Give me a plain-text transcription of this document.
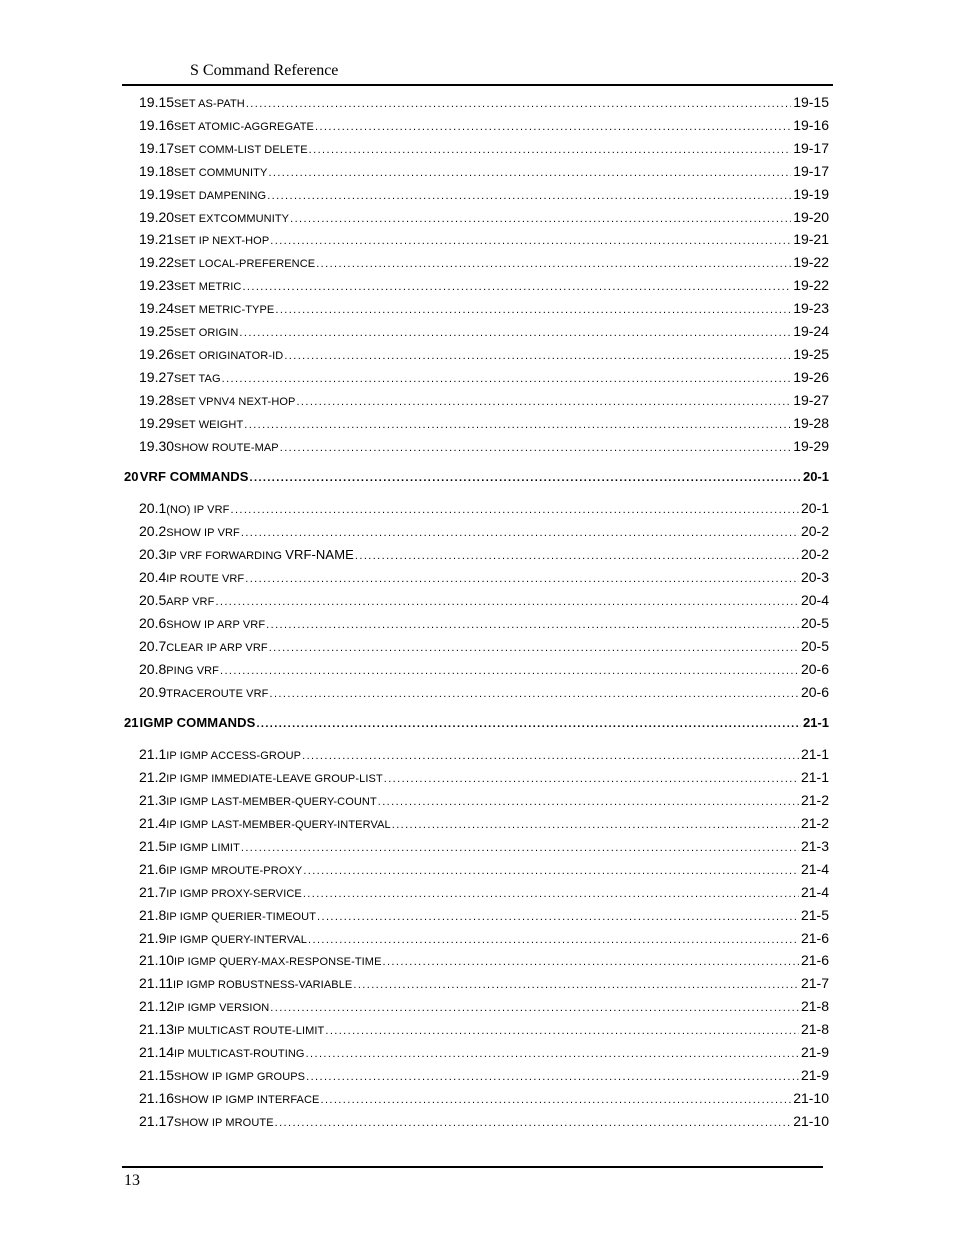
S Command Reference
19.15 SET AS-PATH .....	19-15
19.16 SET ATOMIC-AGGREGATE .....	19-16
19.17 SET COMM-LIST DELETE .....	19-17
19.18 SET COMMUNITY .....	19-17
19.19 SET DAMPENING .....	19-19
19.20 SET EXTCOMMUNITY .....	19-20
19.21 SET IP NEXT-HOP .....	19-21
19.22 SET LOCAL-PREFERENCE .....	19-22
19.23 SET METRIC .....	19-22
19.24 SET METRIC-TYPE .....	19-23
19.25 SET ORIGIN .....	19-24
19.26 SET ORIGINATOR-ID .....	19-25
19.27 SET TAG .....	19-26
19.28 SET VPNV4 NEXT-HOP .....	19-27
19.29 SET WEIGHT .....	19-28
19.30 SHOW ROUTE-MAP .....	19-29
20 VRF COMMANDS .....	20-1
20.1 (NO) IP VRF .....	20-1
20.2 SHOW IP VRF .....	20-2
20.3 IP VRF FORWARDING VRF-NAME .....	20-2
20.4 IP ROUTE VRF .....	20-3
20.5 ARP VRF .....	20-4
20.6 SHOW IP ARP VRF .....	20-5
20.7 CLEAR IP ARP VRF .....	20-5
20.8 PING VRF .....	20-6
20.9 TRACEROUTE VRF .....	20-6
21 IGMP COMMANDS .....	21-1
21.1 IP IGMP ACCESS-GROUP .....	21-1
21.2 IP IGMP IMMEDIATE-LEAVE GROUP-LIST .....	21-1
21.3 IP IGMP LAST-MEMBER-QUERY-COUNT .....	21-2
21.4 IP IGMP LAST-MEMBER-QUERY-INTERVAL .....	21-2
21.5 IP IGMP LIMIT .....	21-3
21.6 IP IGMP MROUTE-PROXY .....	21-4
21.7 IP IGMP PROXY-SERVICE .....	21-4
21.8 IP IGMP QUERIER-TIMEOUT .....	21-5
21.9 IP IGMP QUERY-INTERVAL .....	21-6
21.10 IP IGMP QUERY-MAX-RESPONSE-TIME .....	21-6
21.11 IP IGMP ROBUSTNESS-VARIABLE .....	21-7
21.12 IP IGMP VERSION .....	21-8
21.13 IP MULTICAST ROUTE-LIMIT .....	21-8
21.14 IP MULTICAST-ROUTING .....	21-9
21.15 SHOW IP IGMP GROUPS .....	21-9
21.16 SHOW IP IGMP INTERFACE .....	21-10
21.17 SHOW IP MROUTE .....	21-10
13
